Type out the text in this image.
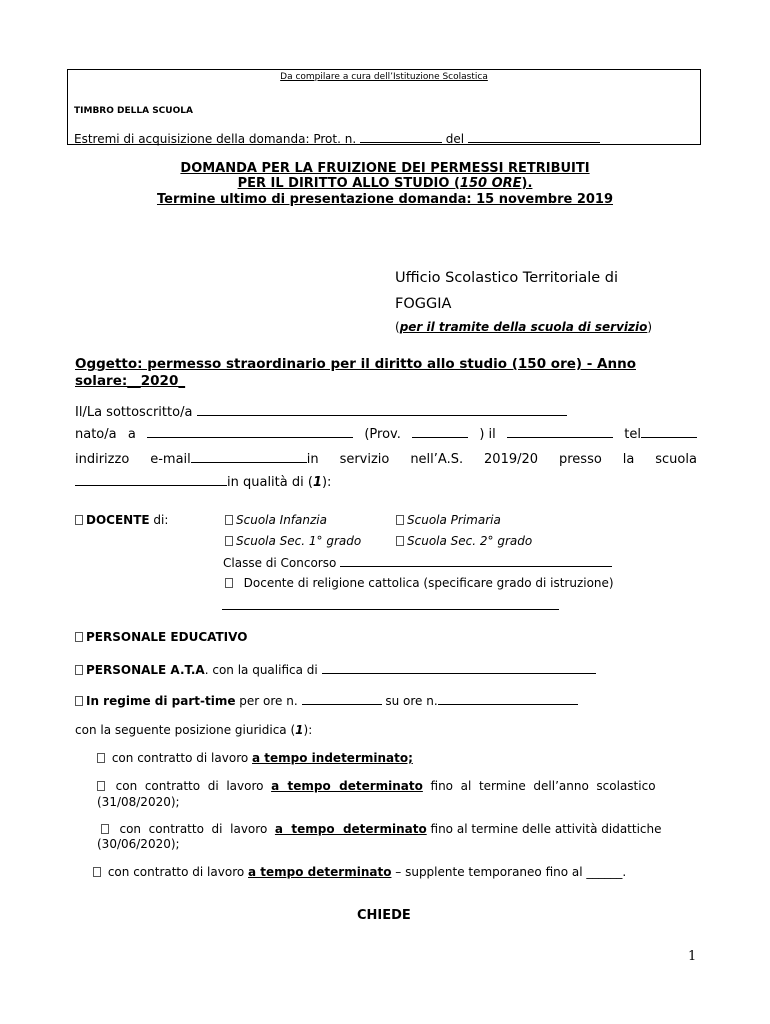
Da compilare a cura dell’Istituzione Scolastica
TIMBRO DELLA SCUOLA
Estremi di acquisizione della domanda: Prot. n.	del
DOMANDA PER LA FRUIZIONE DEI PERMESSI RETRIBUITI
PER IL DIRITTO ALLO STUDIO (150 ORE).
Termine ultimo di presentazione domanda: 15 novembre 2019
Ufficio Scolastico Territoriale di
FOGGIA
(per il tramite della scuola di servizio)
Oggetto: permesso straordinario per il diritto allo studio (150 ore) - Anno
solare:__2020_
Il/La sottoscritto/a
nato/a a	(Prov.	) il	tel
indirizzo e-mail	in servizio nell’A.S. 2019/20 presso la scuola
in qualità di (1):
DOCENTE di:	Scuola Infanzia	Scuola Primaria
Scuola Sec. 1° grado	Scuola Sec. 2° grado
Classe di Concorso
Docente di religione cattolica (specificare grado di istruzione)
PERSONALE EDUCATIVO
PERSONALE A.T.A. con la qualifica di
In regime di part-time per ore n.	su ore n.
con la seguente posizione giuridica (1):
con contratto di lavoro a tempo indeterminato;
con  contratto  di  lavoro  a  tempo  determinato  fino  al  termine  dell’anno  scolastico
(31/08/2020);
con  contratto  di  lavoro  a  tempo  determinato fino al termine delle attività didattiche
(30/06/2020);
con contratto di lavoro a tempo determinato – supplente temporaneo fino al ______.
CHIEDE
1
